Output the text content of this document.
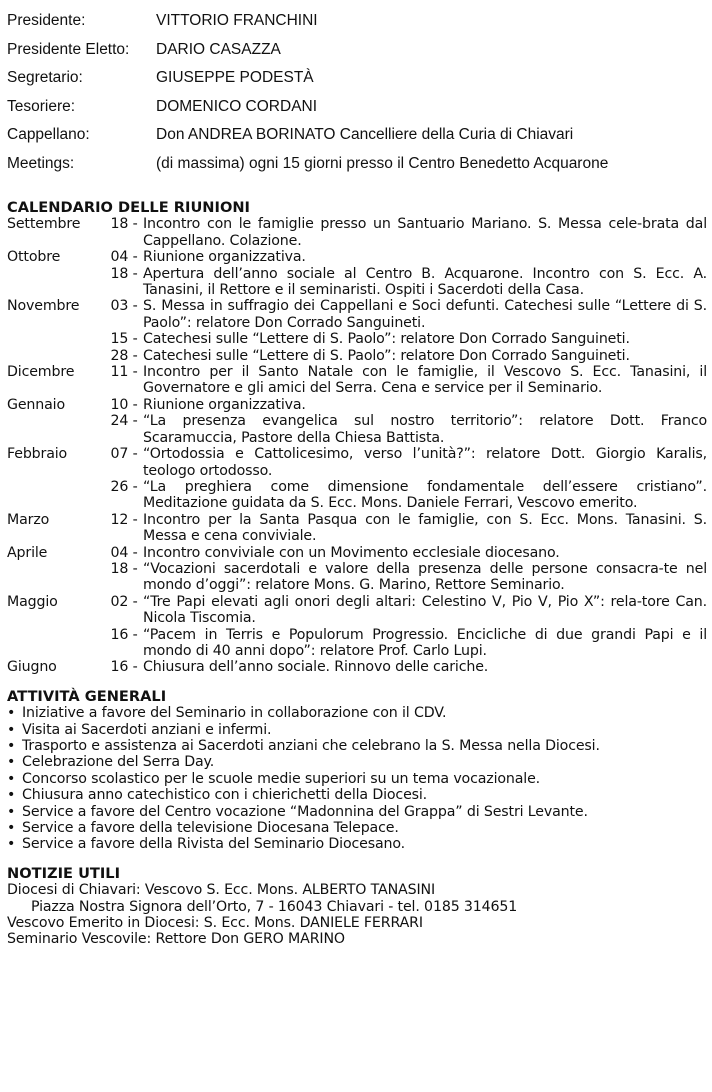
Presidente:	VITTORIO FRANCHINI
Presidente Eletto:	DARIO CASAZZA
Segretario:	GIUSEPPE PODESTÀ
Tesoriere:	DOMENICO CORDANI
Cappellano:	Don ANDREA BORINATO Cancelliere della Curia di Chiavari
Meetings:	(di massima) ogni 15 giorni presso il Centro Benedetto Acquarone
CALENDARIO DELLE RIUNIONI
Settembre	18 - Incontro con le famiglie presso un Santuario Mariano. S. Messa cele-brata dal Cappellano. Colazione.
Ottobre	04 - Riunione organizzativa.
18 - Apertura dell’anno sociale al Centro B. Acquarone. Incontro con S. Ecc. A. Tanasini, il Rettore e il seminaristi. Ospiti i Sacerdoti della Casa.
Novembre	03 - S. Messa in suffragio dei Cappellani e Soci defunti. Catechesi sulle “Lettere di S. Paolo”: relatore Don Corrado Sanguineti.
15 - Catechesi sulle “Lettere di S. Paolo”: relatore Don Corrado Sanguineti.
28 - Catechesi sulle “Lettere di S. Paolo”: relatore Don Corrado Sanguineti.
Dicembre	11 - Incontro per il Santo Natale con le famiglie, il Vescovo S. Ecc. Tanasini, il Governatore e gli amici del Serra. Cena e service per il Seminario.
Gennaio	10 - Riunione organizzativa.
24 - “La presenza evangelica sul nostro territorio”: relatore Dott. Franco Scaramuccia, Pastore della Chiesa Battista.
Febbraio	07 - “Ortodossia e Cattolicesimo, verso l’unità?”: relatore Dott. Giorgio Karalis, teologo ortodosso.
26 - “La preghiera come dimensione fondamentale dell’essere cristiano”. Meditazione guidata da S. Ecc. Mons. Daniele Ferrari, Vescovo emerito.
Marzo	12 - Incontro per la Santa Pasqua con le famiglie, con S. Ecc. Mons. Tanasini. S. Messa e cena conviviale.
Aprile	04 - Incontro conviviale con un Movimento ecclesiale diocesano.
18 - “Vocazioni sacerdotali e valore della presenza delle persone consacra-te nel mondo d’oggi”: relatore Mons. G. Marino, Rettore Seminario.
Maggio	02 - “Tre Papi elevati agli onori degli altari: Celestino V, Pio V, Pio X”: rela-tore Can. Nicola Tiscomia.
16 - “Pacem in Terris e Populorum Progressio. Encicliche di due grandi Papi e il mondo di 40 anni dopo”: relatore Prof. Carlo Lupi.
Giugno	16 - Chiusura dell’anno sociale. Rinnovo delle cariche.
ATTIVITÀ GENERALI
• Iniziative a favore del Seminario in collaborazione con il CDV.
• Visita ai Sacerdoti anziani e infermi.
• Trasporto e assistenza ai Sacerdoti anziani che celebrano la S. Messa nella Diocesi.
• Celebrazione del Serra Day.
• Concorso scolastico per le scuole medie superiori su un tema vocazionale.
• Chiusura anno catechistico con i chierichetti della Diocesi.
• Service a favore del Centro vocazione “Madonnina del Grappa” di Sestri Levante.
• Service a favore della televisione Diocesana Telepace.
• Service a favore della Rivista del Seminario Diocesano.
NOTIZIE UTILI
Diocesi di Chiavari: Vescovo S. Ecc. Mons. ALBERTO TANASINI
Piazza Nostra Signora dell’Orto, 7 - 16043 Chiavari - tel. 0185 314651
Vescovo Emerito in Diocesi: S. Ecc. Mons. DANIELE FERRARI
Seminario Vescovile: Rettore Don GERO MARINO
